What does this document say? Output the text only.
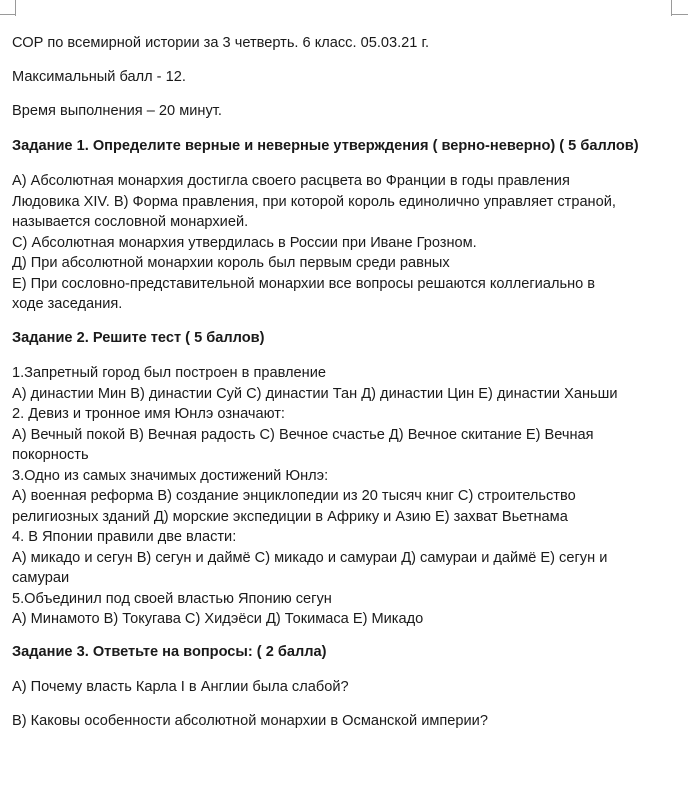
СОР по всемирной истории за 3 четверть. 6 класс. 05.03.21 г.
Максимальный балл - 12.
Время выполнения – 20 минут.
Задание 1. Определите верные и неверные утверждения ( верно-неверно) ( 5 баллов)
А) Абсолютная монархия достигла своего расцвета во Франции в годы правления
Людовика XIV. В) Форма правления, при которой король единолично управляет страной,
называется сословной монархией.
С) Абсолютная монархия утвердилась в России при Иване Грозном.
Д) При абсолютной монархии король был первым среди равных
Е) При сословно-представительной монархии все вопросы решаются коллегиально в
ходе заседания.
Задание 2. Решите тест ( 5 баллов)
1.Запретный город был построен в правление
А) династии Мин В) династии Суй С) династии Тан Д) династии Цин Е) династии Ханьши
2. Девиз и тронное имя Юнлэ означают:
А) Вечный покой В) Вечная радость С) Вечное счастье Д) Вечное скитание Е) Вечная
покорность
3.Одно из самых значимых достижений Юнлэ:
А) военная реформа В) создание энциклопедии из 20 тысяч книг С) строительство
религиозных зданий Д) морские экспедиции в Африку и Азию Е) захват Вьетнама
4. В Японии правили две власти:
А) микадо и сегун В) сегун и даймё С) микадо и самураи Д) самураи и даймё Е) сегун и
самураи
5.Объединил под своей властью Японию сегун
А) Минамото В) Токугава С) Хидэёси Д) Токимаса Е) Микадо
Задание 3. Ответьте на вопросы: ( 2 балла)
А) Почему власть Карла I в Англии была слабой?
В) Каковы особенности абсолютной монархии в Османской империи?
